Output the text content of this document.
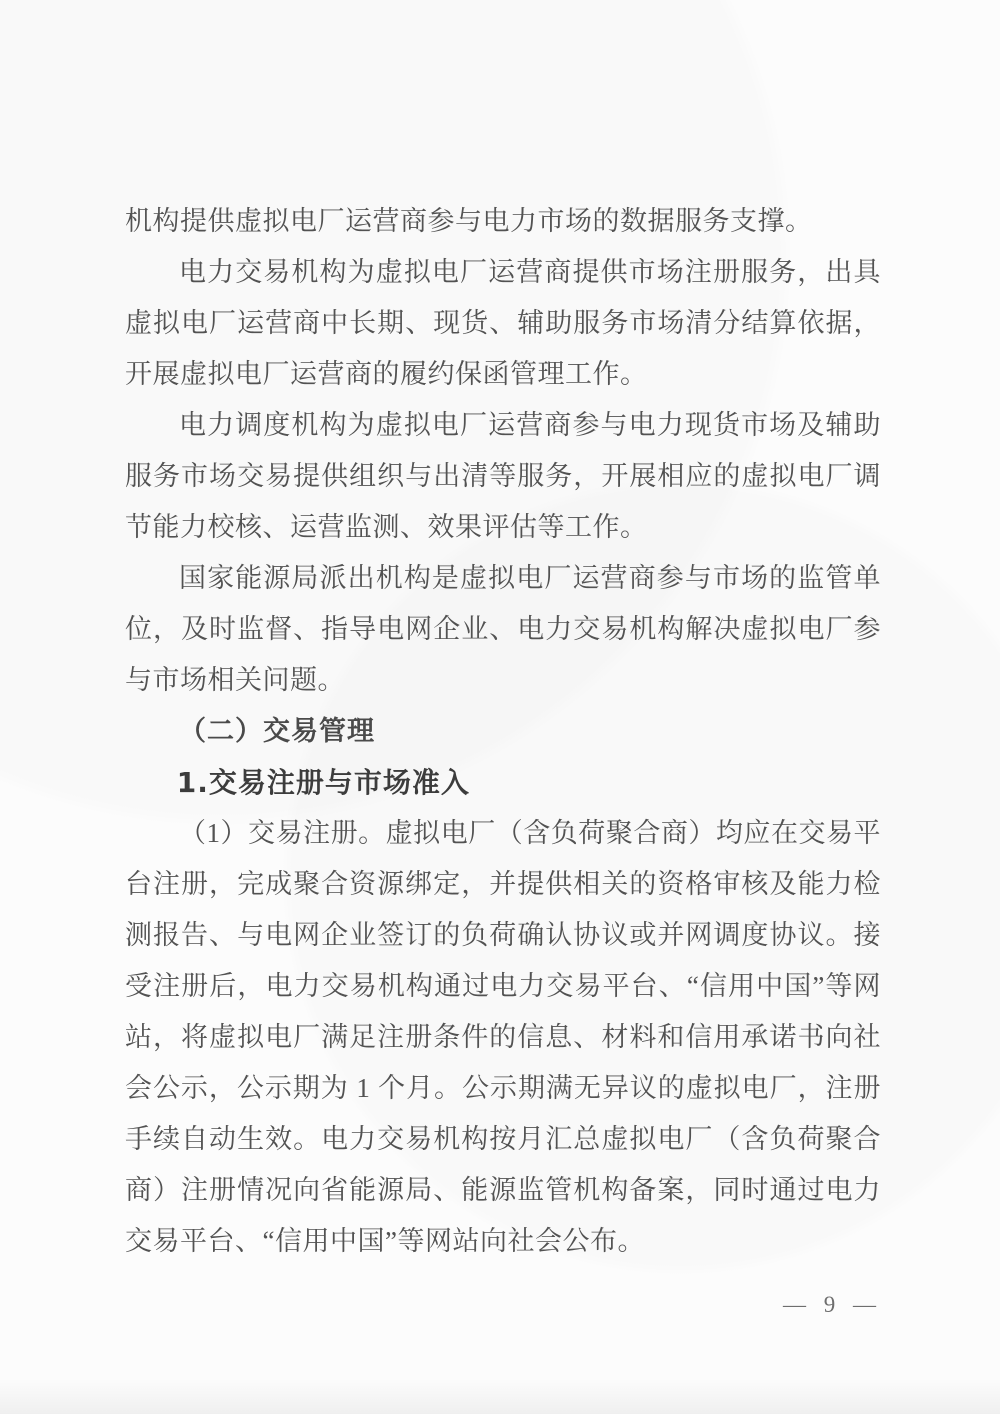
机构提供虚拟电厂运营商参与电力市场的数据服务支撑。

电力交易机构为虚拟电厂运营商提供市场注册服务，出具虚拟电厂运营商中长期、现货、辅助服务市场清分结算依据，开展虚拟电厂运营商的履约保函管理工作。

电力调度机构为虚拟电厂运营商参与电力现货市场及辅助服务市场交易提供组织与出清等服务，开展相应的虚拟电厂调节能力校核、运营监测、效果评估等工作。

国家能源局派出机构是虚拟电厂运营商参与市场的监管单位，及时监督、指导电网企业、电力交易机构解决虚拟电厂参与市场相关问题。

（二）交易管理
1.交易注册与市场准入

（1）交易注册。虚拟电厂（含负荷聚合商）均应在交易平台注册，完成聚合资源绑定，并提供相关的资格审核及能力检测报告、与电网企业签订的负荷确认协议或并网调度协议。接受注册后，电力交易机构通过电力交易平台、“信用中国”等网站，将虚拟电厂满足注册条件的信息、材料和信用承诺书向社会公示，公示期为 1 个月。公示期满无异议的虚拟电厂，注册手续自动生效。电力交易机构按月汇总虚拟电厂（含负荷聚合商）注册情况向省能源局、能源监管机构备案，同时通过电力交易平台、“信用中国”等网站向社会公布。

— 9 —
